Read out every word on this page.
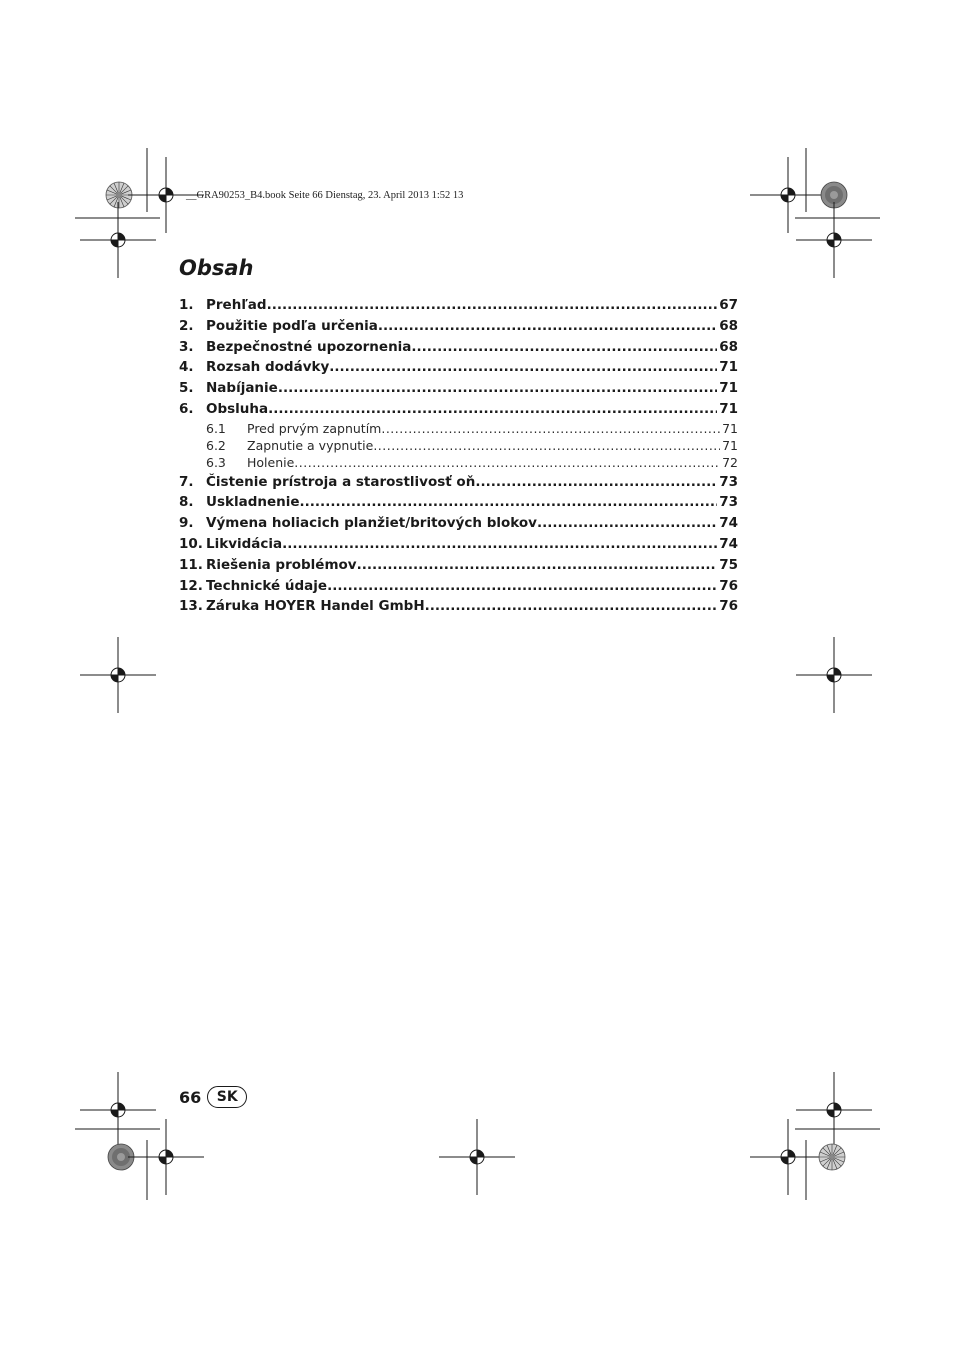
__GRA90253_B4.book Seite 66 Dienstag, 23. April 2013 1:52 13
Obsah
1. Prehľad .....	67
2. Použitie podľa určenia .....	68
3. Bezpečnostné upozornenia .....	68
4. Rozsah dodávky .....	71
5. Nabíjanie .....	71
6. Obsluha .....	71
6.1	Pred prvým zapnutím .....	71
6.2	Zapnutie a vypnutie .....	71
6.3	Holenie .....	72
7. Čistenie prístroja a starostlivosť oň .....	73
8. Uskladnenie .....	73
9. Výmena holiacich planžiet/britových blokov .....	74
10. Likvidácia .....	74
11. Riešenia problémov .....	75
12. Technické údaje .....	76
13. Záruka HOYER Handel GmbH .....	76
66	SK
